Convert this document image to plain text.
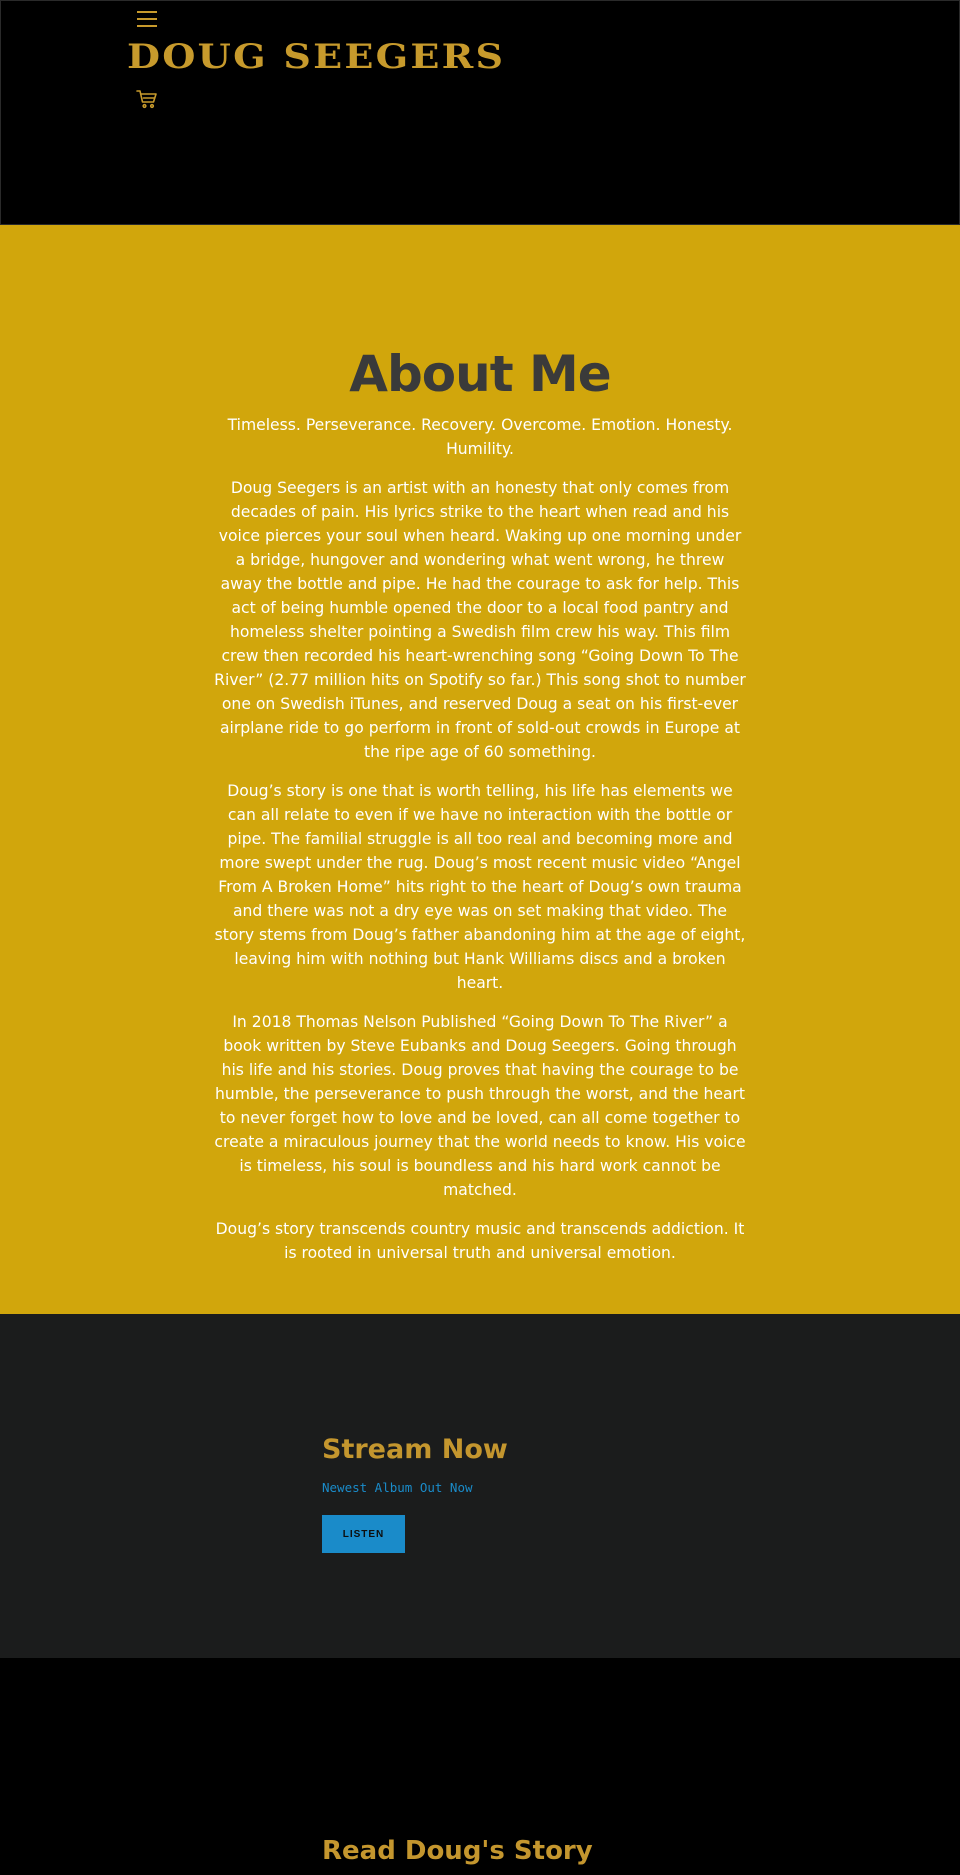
DOUG SEEGERS
About Me

Timeless. Perseverance. Recovery. Overcome. Emotion. Honesty. Humility.

Doug Seegers is an artist with an honesty that only comes from decades of pain. His lyrics strike to the heart when read and his voice pierces your soul when heard. Waking up one morning under a bridge, hungover and wondering what went wrong, he threw away the bottle and pipe. He had the courage to ask for help. This act of being humble opened the door to a local food pantry and homeless shelter pointing a Swedish film crew his way. This film crew then recorded his heart-wrenching song “Going Down To The River” (2.77 million hits on Spotify so far.) This song shot to number one on Swedish iTunes, and reserved Doug a seat on his first-ever airplane ride to go perform in front of sold-out crowds in Europe at the ripe age of 60 something.

Doug’s story is one that is worth telling, his life has elements we can all relate to even if we have no interaction with the bottle or pipe. The familial struggle is all too real and becoming more and more swept under the rug. Doug’s most recent music video “Angel From A Broken Home” hits right to the heart of Doug’s own trauma and there was not a dry eye was on set making that video. The story stems from Doug’s father abandoning him at the age of eight, leaving him with nothing but Hank Williams discs and a broken heart.

In 2018 Thomas Nelson Published “Going Down To The River” a book written by Steve Eubanks and Doug Seegers. Going through his life and his stories. Doug proves that having the courage to be humble, the perseverance to push through the worst, and the heart to never forget how to love and be loved, can all come together to create a miraculous journey that the world needs to know. His voice is timeless, his soul is boundless and his hard work cannot be matched.

Doug’s story transcends country music and transcends addiction. It is rooted in universal truth and universal emotion.

Stream Now
Newest Album Out Now
LISTEN
Read Doug's Story
